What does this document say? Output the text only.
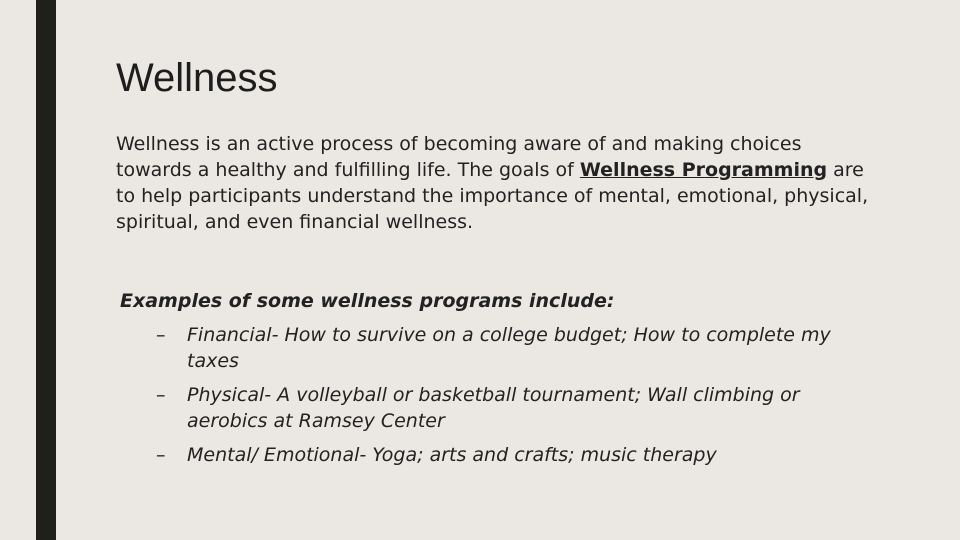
Wellness

Wellness is an active process of becoming aware of and making choices towards a healthy and fulfilling life. The goals of Wellness Programming are to help participants understand the importance of mental, emotional, physical, spiritual, and even financial wellness.

Examples of some wellness programs include:

– Financial- How to survive on a college budget; How to complete my taxes
– Physical- A volleyball or basketball tournament; Wall climbing or aerobics at Ramsey Center
– Mental/ Emotional- Yoga; arts and crafts; music therapy
